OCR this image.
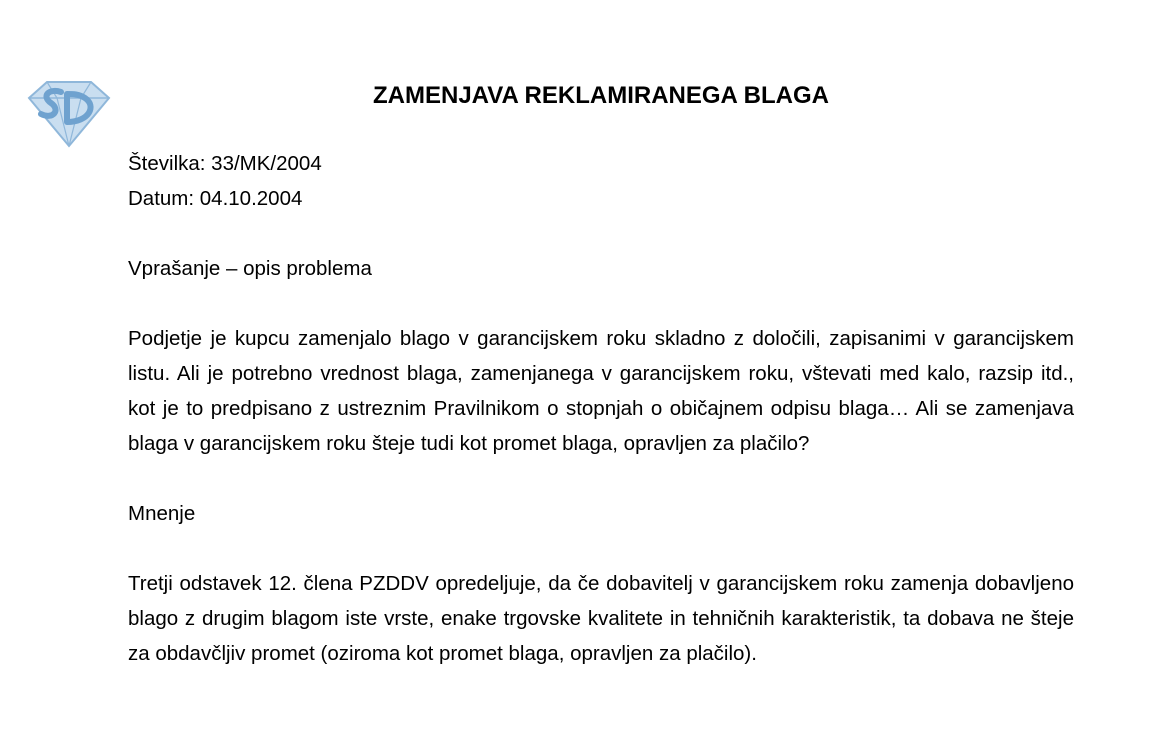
ZAMENJAVA REKLAMIRANEGA BLAGA

Številka: 33/MK/2004

Datum: 04.10.2004

Vprašanje – opis problema

Podjetje je kupcu zamenjalo blago v garancijskem roku skladno z določili, zapisanimi v garancijskem listu. Ali je potrebno vrednost blaga, zamenjanega v garancijskem roku, vštevati med kalo, razsip itd., kot je to predpisano z ustreznim Pravilnikom o stopnjah o običajnem odpisu blaga… Ali se zamenjava blaga v garancijskem roku šteje tudi kot promet blaga, opravljen za plačilo?

Mnenje

Tretji odstavek 12. člena PZDDV opredeljuje, da če dobavitelj v garancijskem roku zamenja dobavljeno blago z drugim blagom iste vrste, enake trgovske kvalitete in tehničnih karakteristik, ta dobava ne šteje za obdavčljiv promet (oziroma kot promet blaga, opravljen za plačilo).
